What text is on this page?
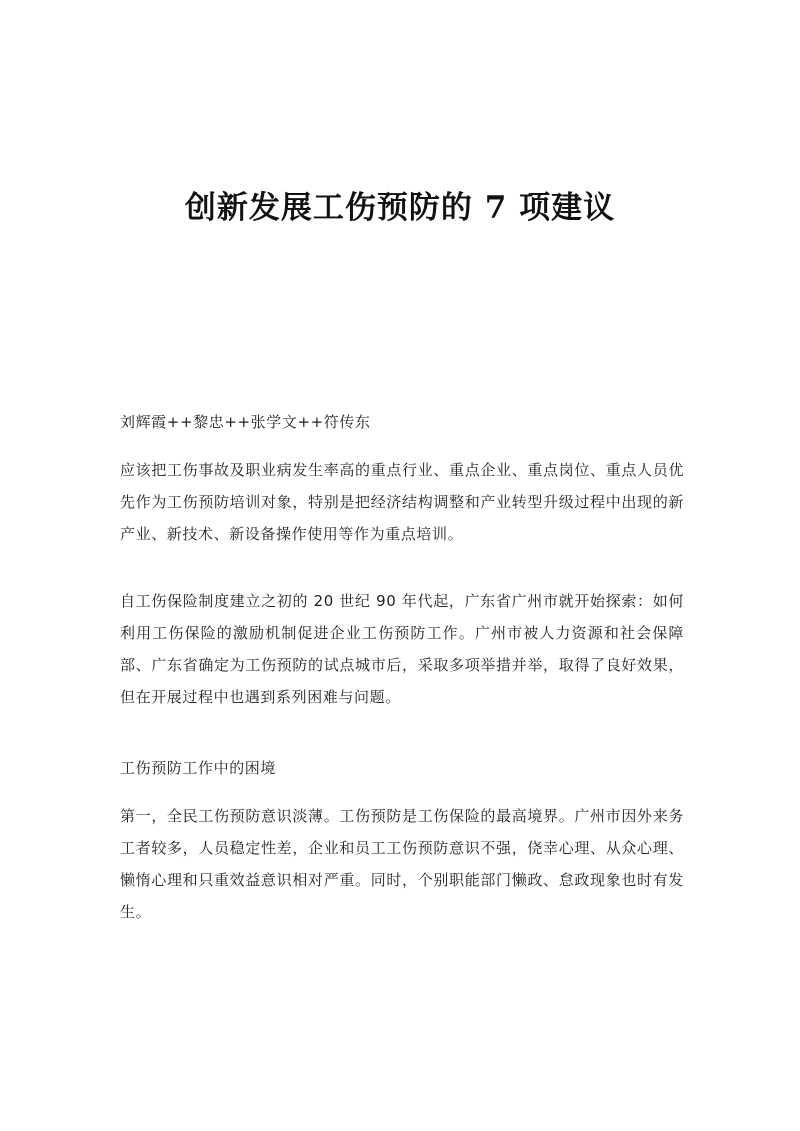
创新发展工伤预防的 7 项建议

刘辉霞++黎忠++张学文++符传东

应该把工伤事故及职业病发生率高的重点行业、重点企业、重点岗位、重点人员优先作为工伤预防培训对象，特别是把经济结构调整和产业转型升级过程中出现的新产业、新技术、新设备操作使用等作为重点培训。

自工伤保险制度建立之初的 20 世纪 90 年代起，广东省广州市就开始探索：如何利用工伤保险的激励机制促进企业工伤预防工作。广州市被人力资源和社会保障部、广东省确定为工伤预防的试点城市后，采取多项举措并举，取得了良好效果，但在开展过程中也遇到系列困难与问题。

工伤预防工作中的困境

第一，全民工伤预防意识淡薄。工伤预防是工伤保险的最高境界。广州市因外来务工者较多，人员稳定性差，企业和员工工伤预防意识不强，侥幸心理、从众心理、懒惰心理和只重效益意识相对严重。同时，个别职能部门懒政、怠政现象也时有发生。
